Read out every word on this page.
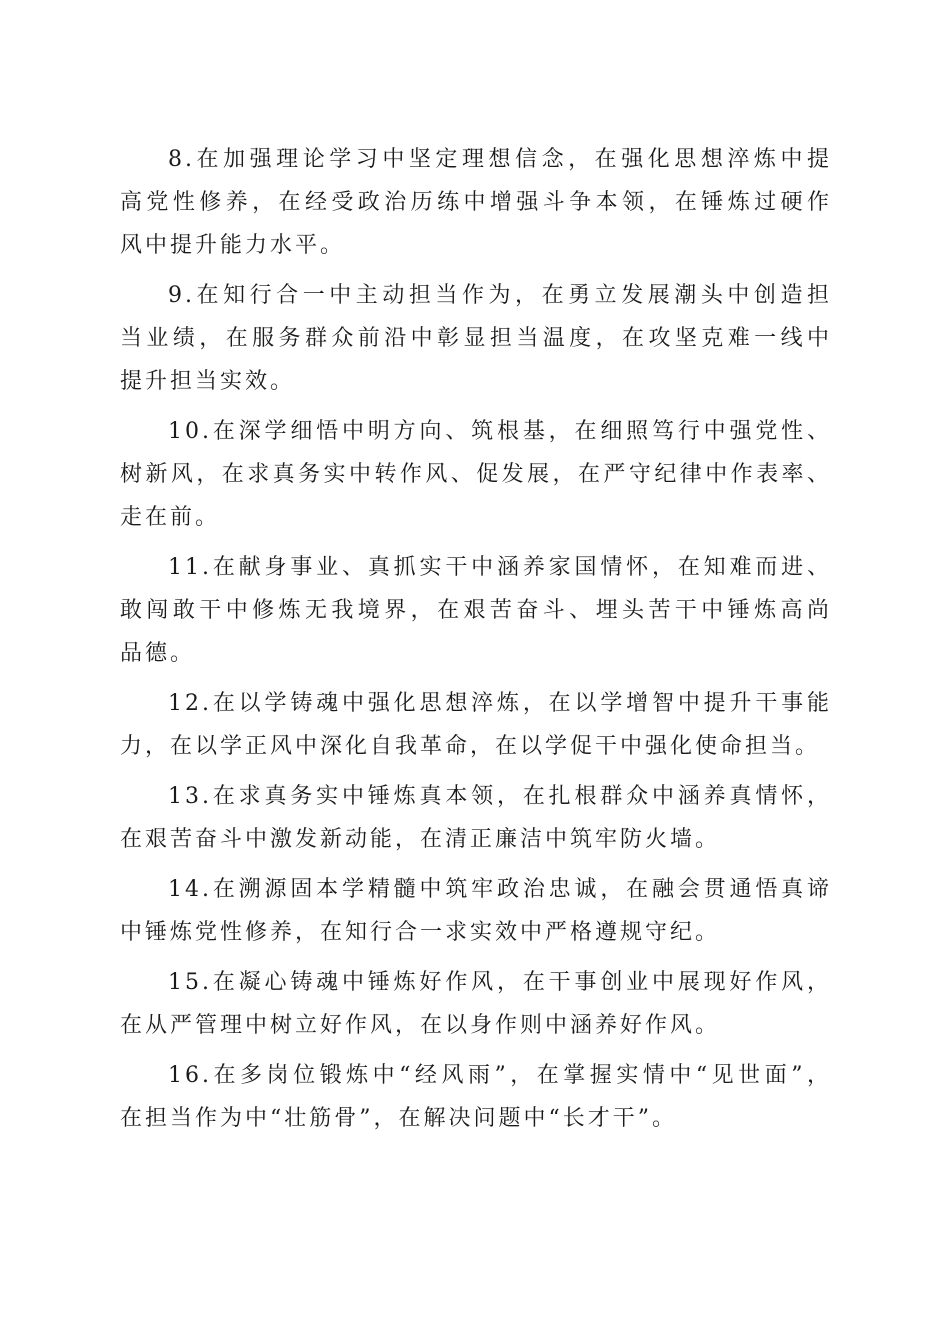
8.在加强理论学习中坚定理想信念，在强化思想淬炼中提
高党性修养，在经受政治历练中增强斗争本领，在锤炼过硬作
风中提升能力水平。
9.在知行合一中主动担当作为，在勇立发展潮头中创造担
当业绩，在服务群众前沿中彰显担当温度，在攻坚克难一线中
提升担当实效。
10.在深学细悟中明方向、筑根基，在细照笃行中强党性、
树新风，在求真务实中转作风、促发展，在严守纪律中作表率、
走在前。
11.在献身事业、真抓实干中涵养家国情怀，在知难而进、
敢闯敢干中修炼无我境界，在艰苦奋斗、埋头苦干中锤炼高尚
品德。
12.在以学铸魂中强化思想淬炼，在以学增智中提升干事能
力，在以学正风中深化自我革命，在以学促干中强化使命担当。
13.在求真务实中锤炼真本领，在扎根群众中涵养真情怀，
在艰苦奋斗中激发新动能，在清正廉洁中筑牢防火墙。
14.在溯源固本学精髓中筑牢政治忠诚，在融会贯通悟真谛
中锤炼党性修养，在知行合一求实效中严格遵规守纪。
15.在凝心铸魂中锤炼好作风，在干事创业中展现好作风，
在从严管理中树立好作风，在以身作则中涵养好作风。
16.在多岗位锻炼中“经风雨”，在掌握实情中“见世面”，
在担当作为中“壮筋骨”，在解决问题中“长才干”。
